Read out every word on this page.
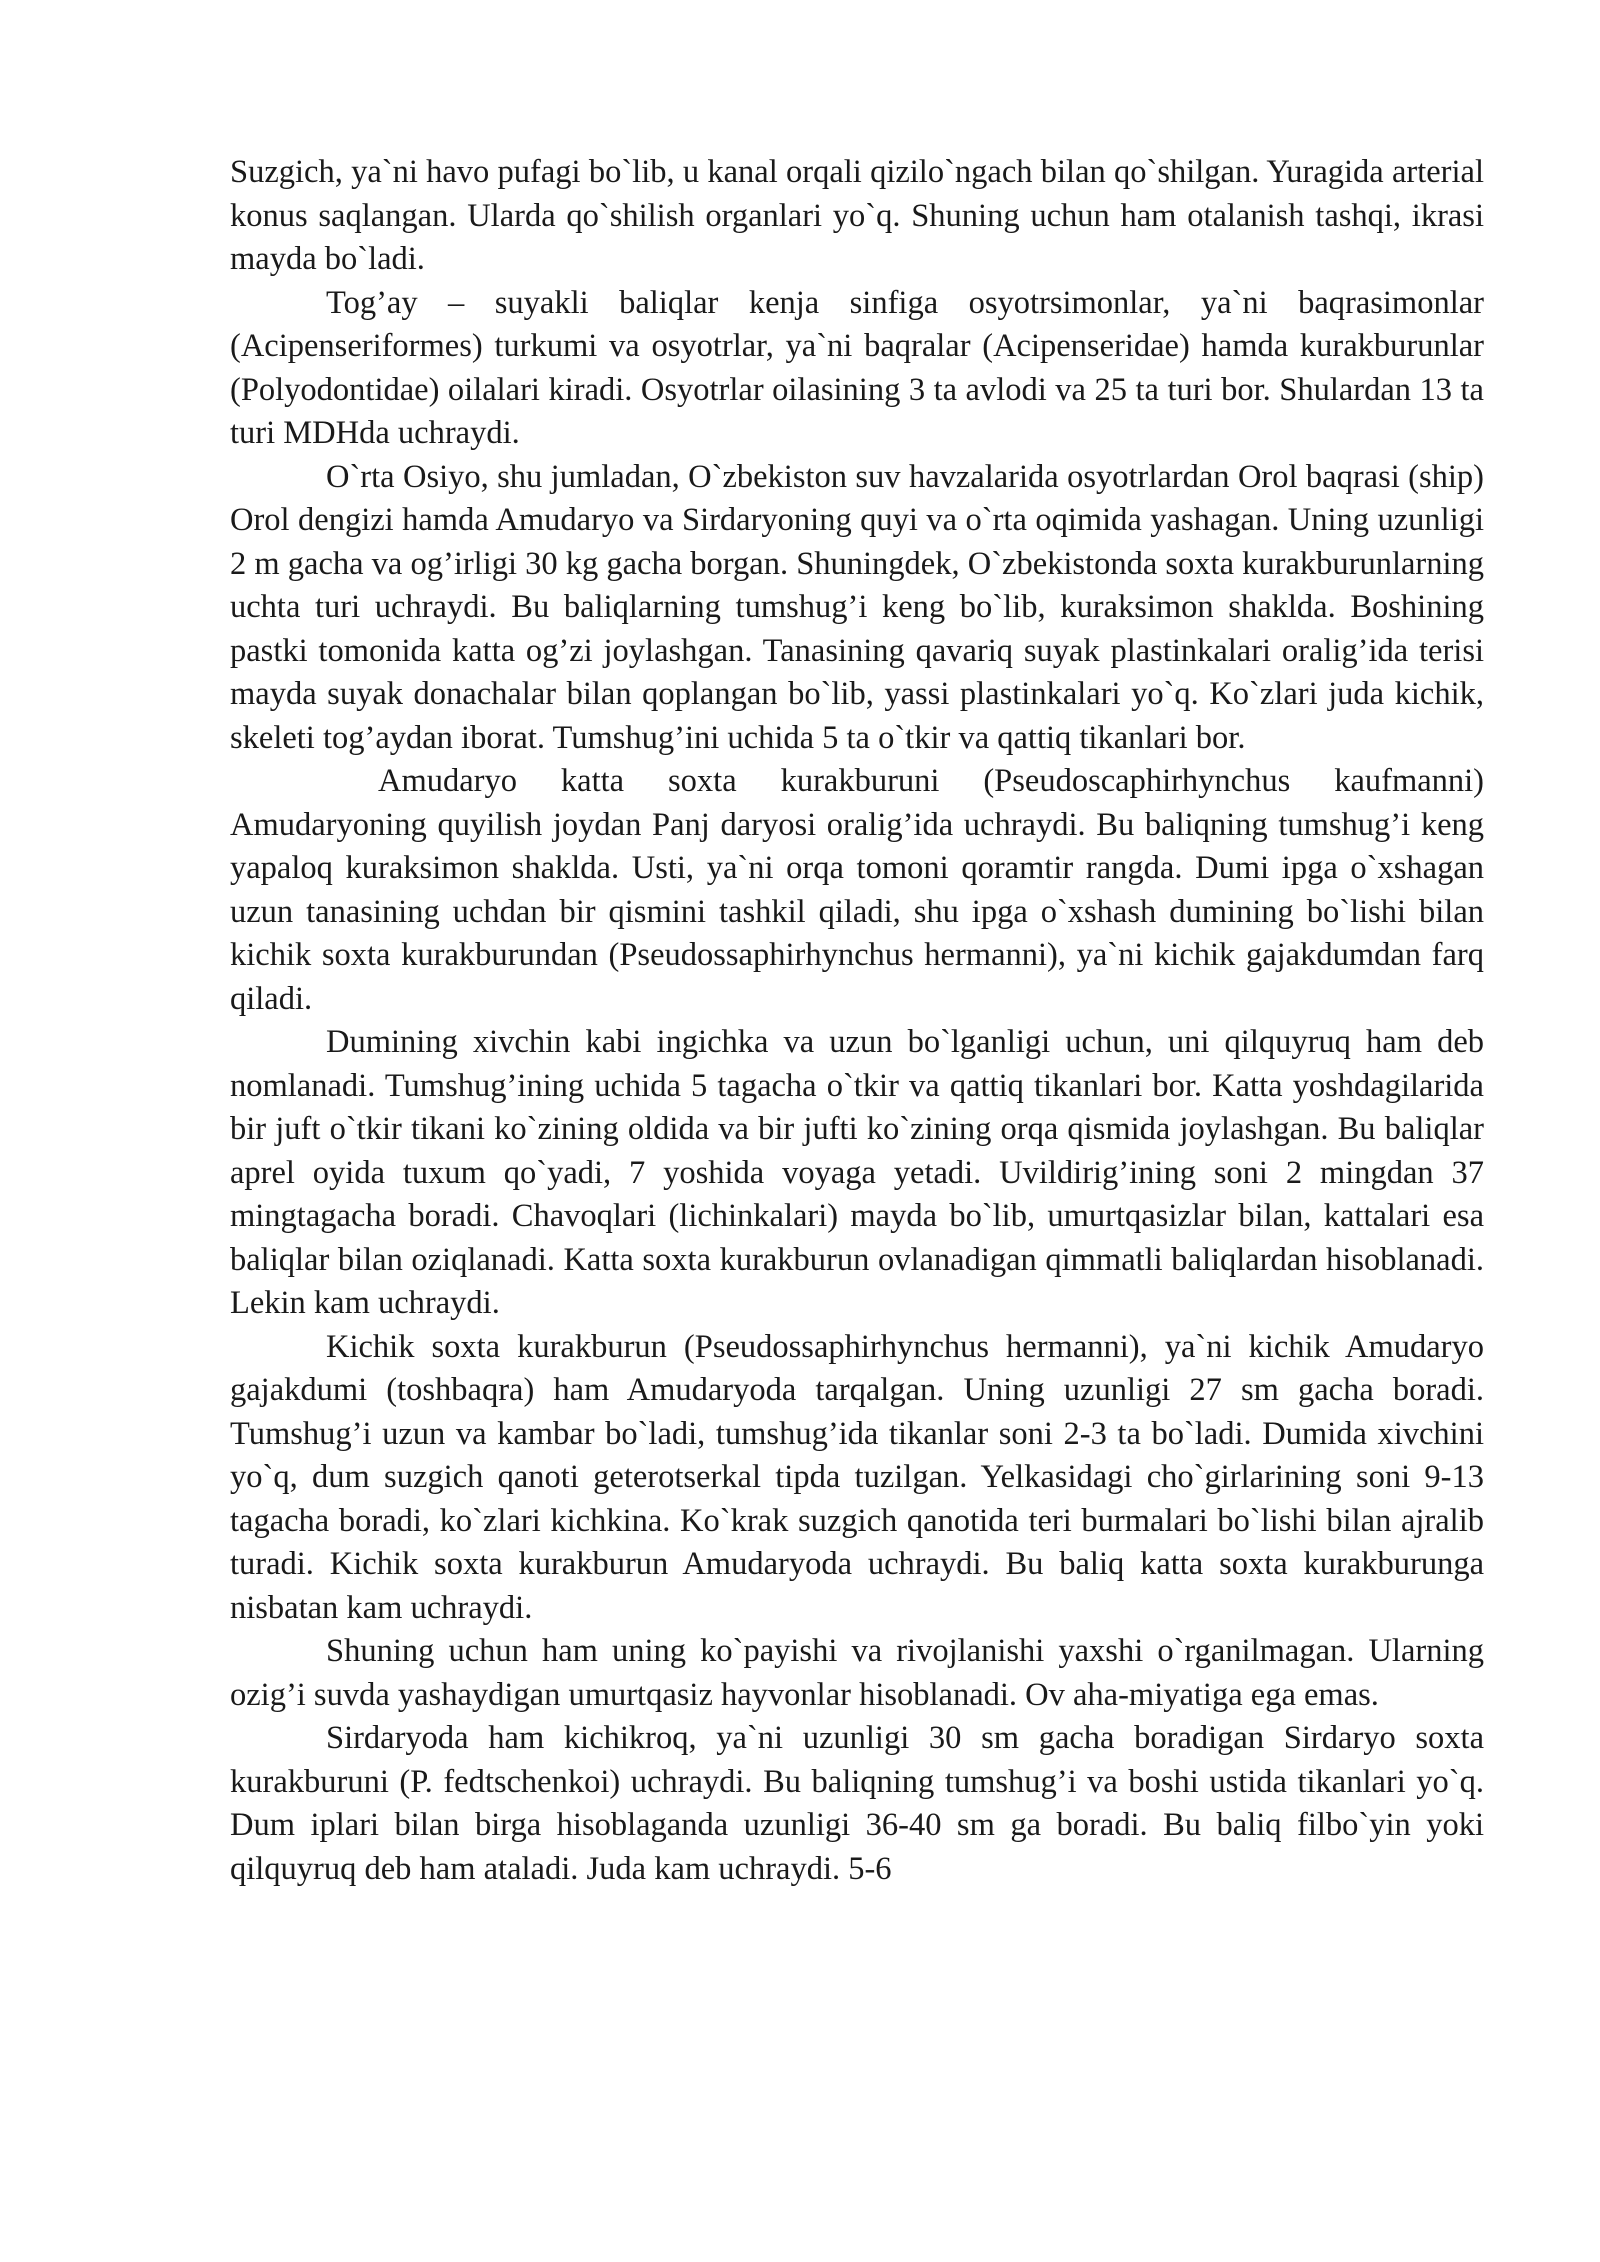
Suzgich, ya`ni havo pufagi bo`lib, u kanal orqali qizilo`ngach bilan qo`shilgan. Yuragida arterial konus saqlangan. Ularda qo`shilish organlari yo`q. Shuning uchun ham otalanish tashqi, ikrasi mayda bo`ladi.

Tog’ay – suyakli baliqlar kenja sinfiga osyotrsimonlar, ya`ni baqrasimonlar (Acipenseriformes) turkumi va osyotrlar, ya`ni baqralar (Acipenseridae) hamda kurakburunlar (Polyodontidae) oilalari kiradi. Osyotrlar oilasining 3 ta avlodi va 25 ta turi bor. Shulardan 13 ta turi MDHda uchraydi.

O`rta Osiyo, shu jumladan, O`zbekiston suv havzalarida osyotrlardan Orol baqrasi (ship) Orol dengizi hamda Amudaryo va Sirdaryoning quyi va o`rta oqimida yashagan. Uning uzunligi 2 m gacha va og’irligi 30 kg gacha borgan. Shuningdek, O`zbekistonda soxta kurakburunlarning uchta turi uchraydi. Bu baliqlarning tumshug’i keng bo`lib, kuraksimon shaklda. Boshining pastki tomonida katta og’zi joylashgan. Tanasining qavariq suyak plastinkalari oralig’ida terisi mayda suyak donachalar bilan qoplangan bo`lib, yassi plastinkalari yo`q. Ko`zlari juda kichik, skeleti tog’aydan iborat. Tumshug’ini uchida 5 ta o`tkir va qattiq tikanlari bor.

Amudaryo katta soxta kurakburuni (Pseudoscaphirhynchus kaufmanni) Amudaryoning quyilish joydan Panj daryosi oralig’ida uchraydi. Bu baliqning tumshug’i keng yapaloq kuraksimon shaklda. Usti, ya`ni orqa tomoni qoramtir rangda. Dumi ipga o`xshagan uzun tanasining uchdan bir qismini tashkil qiladi, shu ipga o`xshash dumining bo`lishi bilan kichik soxta kurakburundan (Pseudossaphirhynchus hermanni), ya`ni kichik gajakdumdan farq qiladi.

Dumining xivchin kabi ingichka va uzun bo`lganligi uchun, uni qilquyruq ham deb nomlanadi. Tumshug’ining uchida 5 tagacha o`tkir va qattiq tikanlari bor. Katta yoshdagilarida bir juft o`tkir tikani ko`zining oldida va bir jufti ko`zining orqa qismida joylashgan. Bu baliqlar aprel oyida tuxum qo`yadi, 7 yoshida voyaga yetadi. Uvildirig’ining soni 2 mingdan 37 mingtagacha boradi. Chavoqlari (lichinkalari) mayda bo`lib, umurtqasizlar bilan, kattalari esa baliqlar bilan oziqlanadi. Katta soxta kurakburun ovlanadigan qimmatli baliqlardan hisoblanadi. Lekin kam uchraydi.

Kichik soxta kurakburun (Pseudossaphirhynchus hermanni), ya`ni kichik Amudaryo gajakdumi (toshbaqra) ham Amudaryoda tarqalgan. Uning uzunligi 27 sm gacha boradi. Tumshug’i uzun va kambar bo`ladi, tumshug’ida tikanlar soni 2-3 ta bo`ladi. Dumida xivchini yo`q, dum suzgich qanoti geterotserkal tipda tuzilgan. Yelkasidagi cho`girlarining soni 9-13 tagacha boradi, ko`zlari kichkina. Ko`krak suzgich qanotida teri burmalari bo`lishi bilan ajralib turadi. Kichik soxta kurakburun Amudaryoda uchraydi. Bu baliq katta soxta kurakburunga nisbatan kam uchraydi.

Shuning uchun ham uning ko`payishi va rivojlanishi yaxshi o`rganilmagan. Ularning ozig’i suvda yashaydigan umurtqasiz hayvonlar hisoblanadi. Ov aha-miyatiga ega emas.

Sirdaryoda ham kichikroq, ya`ni uzunligi 30 sm gacha boradigan Sirdaryo soxta kurakburuni (P. fedtschenkoi) uchraydi. Bu baliqning tumshug’i va boshi ustida tikanlari yo`q. Dum iplari bilan birga hisoblaganda uzunligi 36-40 sm ga boradi. Bu baliq filbo`yin yoki qilquyruq deb ham ataladi. Juda kam uchraydi. 5-6
